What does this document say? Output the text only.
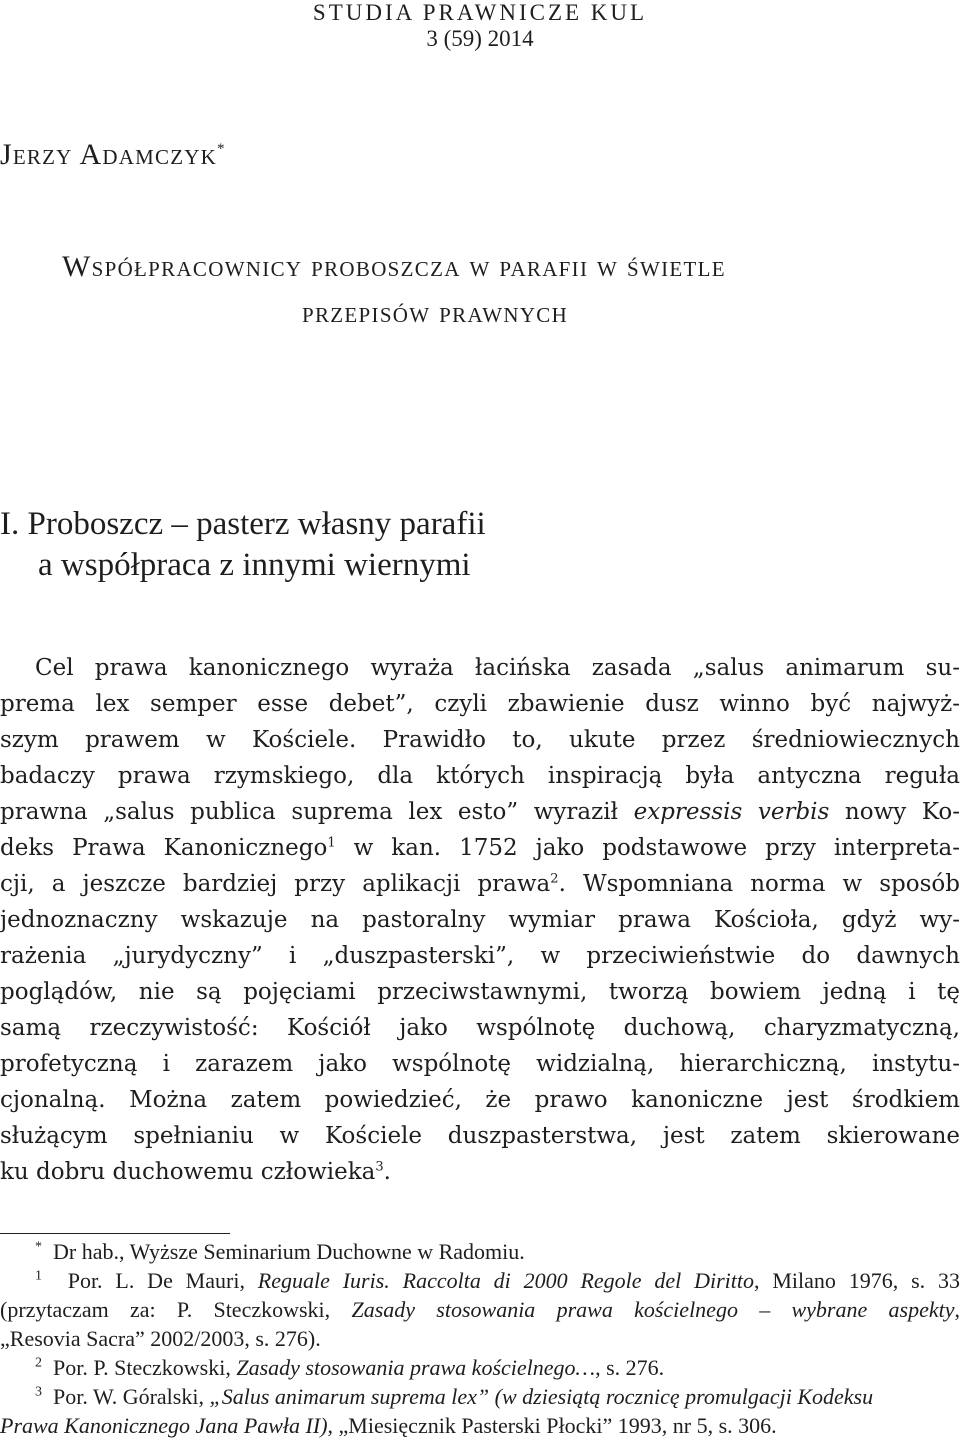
STUDIA PRAWNICZE KUL
3 (59) 2014
Jerzy Adamczyk*
Współpracownicy proboszcza w parafii w świetle
przepisów prawnych
I. Proboszcz – pasterz własny parafii
a współpraca z innymi wiernymi
Cel prawa kanonicznego wyraża łacińska zasada „salus animarum su-
prema lex semper esse debet”, czyli zbawienie dusz winno być najwyż-
szym prawem w Kościele. Prawidło to, ukute przez średniowiecznych
badaczy prawa rzymskiego, dla których inspiracją była antyczna reguła
prawna „salus publica suprema lex esto” wyraził expressis verbis nowy Ko-
deks Prawa Kanonicznego$^1$ w kan. 1752 jako podstawowe przy interpreta-
cji, a jeszcze bardziej przy aplikacji prawa$^2$. Wspomniana norma w sposób
jednoznaczny wskazuje na pastoralny wymiar prawa Kościoła, gdyż wy-
rażenia „jurydyczny” i „duszpasterski”, w przeciwieństwie do dawnych
poglądów, nie są pojęciami przeciwstawnymi, tworzą bowiem jedną i tę
samą rzeczywistość: Kościół jako wspólnotę duchową, charyzmatyczną,
profetyczną i zarazem jako wspólnotę widzialną, hierarchiczną, instytu-
cjonalną. Można zatem powiedzieć, że prawo kanoniczne jest środkiem
służącym spełnianiu w Kościele duszpasterstwa, jest zatem skierowane
ku dobru duchowemu człowieka$^3$.
* Dr hab., Wyższe Seminarium Duchowne w Radomiu.
$^1$ Por. L. De Mauri, Reguale Iuris. Raccolta di 2000 Regole del Diritto, Milano 1976, s. 33
(przytaczam za: P. Steczkowski, Zasady stosowania prawa kościelnego – wybrane aspekty,
„Resovia Sacra” 2002/2003, s. 276).
$^2$ Por. P. Steczkowski, Zasady stosowania prawa kościelnego…, s. 276.
$^3$ Por. W. Góralski, „Salus animarum suprema lex” (w dziesiątą rocznicę promulgacji Kodeksu
Prawa Kanonicznego Jana Pawła II), „Miesięcznik Pasterski Płocki” 1993, nr 5, s. 306.
